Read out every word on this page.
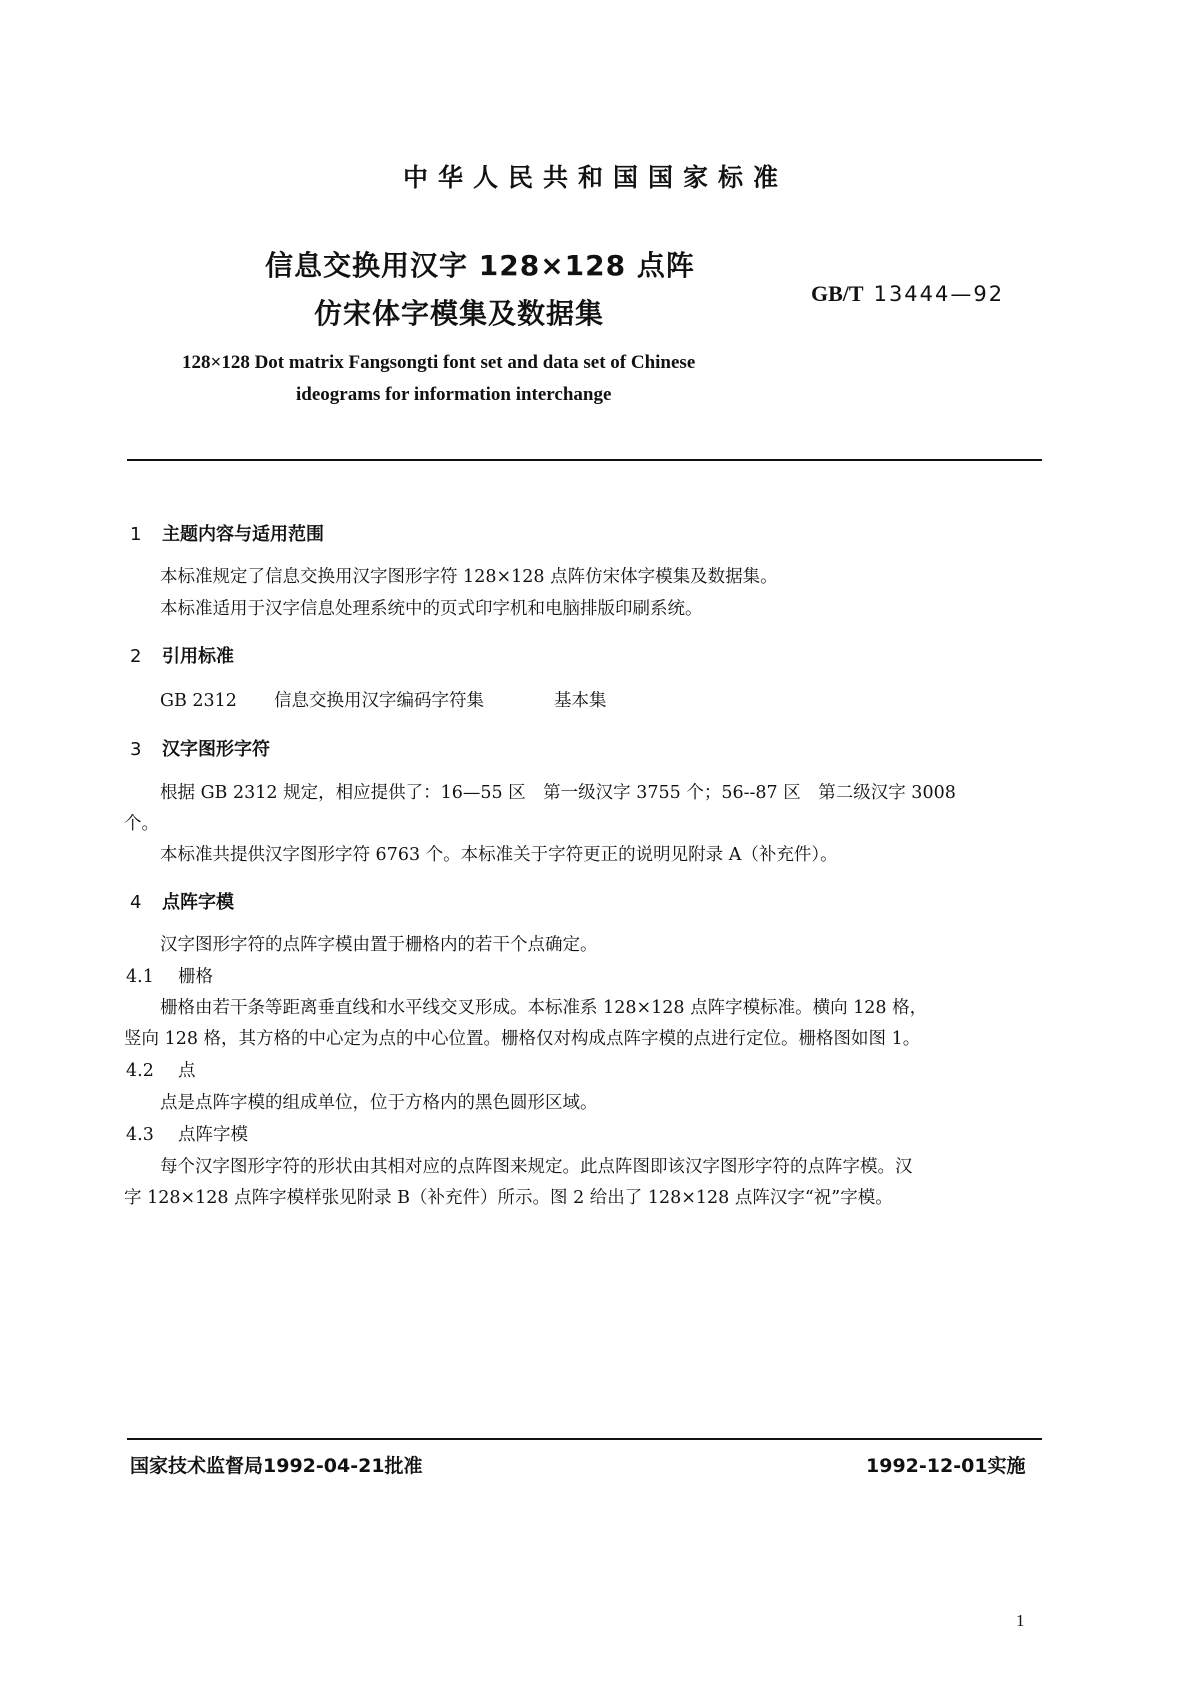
中华人民共和国国家标准
信息交换用汉字 128×128 点阵
仿宋体字模集及数据集
GB/T 13444—92
128×128 Dot matrix Fangsongti font set and data set of Chinese
ideograms for information interchange
1 主题内容与适用范围
本标准规定了信息交换用汉字图形字符 128×128 点阵仿宋体字模集及数据集。
本标准适用于汉字信息处理系统中的页式印字机和电脑排版印刷系统。
2 引用标准
GB 2312 信息交换用汉字编码字符集	基本集
3 汉字图形字符
根据 GB 2312 规定，相应提供了：16—55 区　第一级汉字 3755 个；56--87 区　第二级汉字 3008
个。
本标准共提供汉字图形字符 6763 个。本标准关于字符更正的说明见附录 A（补充件）。
4 点阵字模
汉字图形字符的点阵字模由置于栅格内的若干个点确定。
4.1 栅格
栅格由若干条等距离垂直线和水平线交叉形成。本标准系 128×128 点阵字模标准。横向 128 格，
竖向 128 格，其方格的中心定为点的中心位置。栅格仅对构成点阵字模的点进行定位。栅格图如图 1。
4.2 点
点是点阵字模的组成单位，位于方格内的黑色圆形区域。
4.3 点阵字模
每个汉字图形字符的形状由其相对应的点阵图来规定。此点阵图即该汉字图形字符的点阵字模。汉
字 128×128 点阵字模样张见附录 B（补充件）所示。图 2 给出了 128×128 点阵汉字“祝”字模。
国家技术监督局1992-04-21批准	1992-12-01实施
1
